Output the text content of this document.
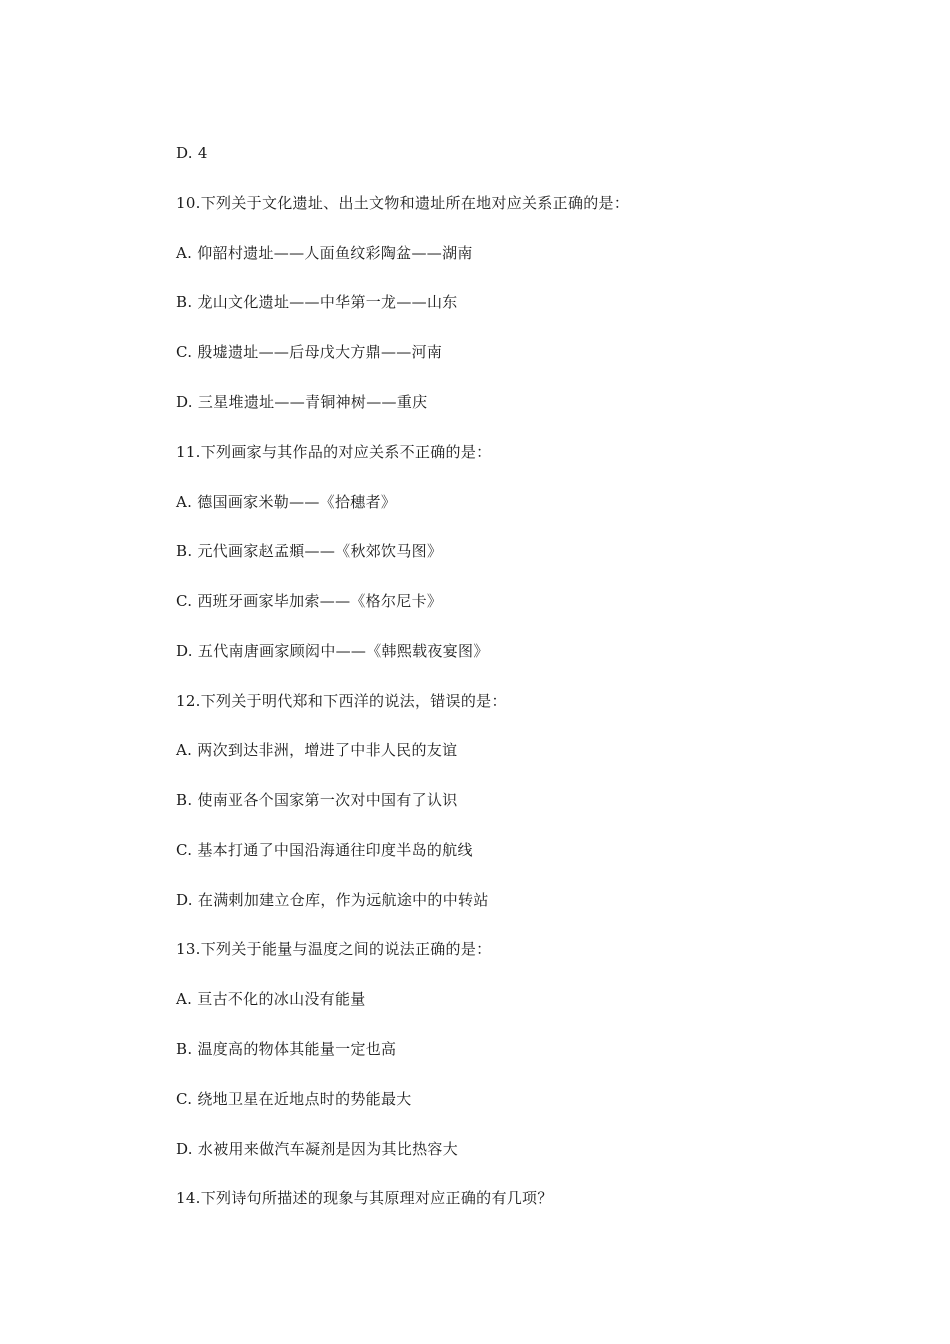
D. 4
10.下列关于文化遗址、出土文物和遗址所在地对应关系正确的是：
A. 仰韶村遗址——人面鱼纹彩陶盆——湖南
B. 龙山文化遗址——中华第一龙——山东
C. 殷墟遗址——后母戊大方鼎——河南
D. 三星堆遗址——青铜神树——重庆
11.下列画家与其作品的对应关系不正确的是：
A. 德国画家米勒——《拾穗者》
B. 元代画家赵孟頫——《秋郊饮马图》
C. 西班牙画家毕加索——《格尔尼卡》
D. 五代南唐画家顾闳中——《韩熙载夜宴图》
12.下列关于明代郑和下西洋的说法，错误的是：
A. 两次到达非洲，增进了中非人民的友谊
B. 使南亚各个国家第一次对中国有了认识
C. 基本打通了中国沿海通往印度半岛的航线
D. 在满剌加建立仓库，作为远航途中的中转站
13.下列关于能量与温度之间的说法正确的是：
A. 亘古不化的冰山没有能量
B. 温度高的物体其能量一定也高
C. 绕地卫星在近地点时的势能最大
D. 水被用来做汽车凝剂是因为其比热容大
14.下列诗句所描述的现象与其原理对应正确的有几项？
